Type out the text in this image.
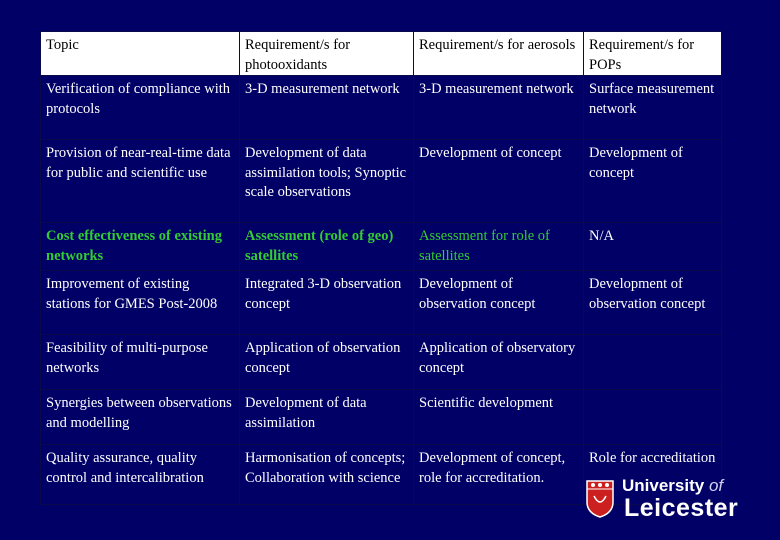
Topic	Requirement/s for photooxidants	Requirement/s for aerosols	Requirement/s for POPs
Verification of compliance with protocols	3-D measurement network	3-D measurement network	Surface measurement network
Provision of near-real-time data for public and scientific use	Development of data assimilation tools; Synoptic scale observations	Development of concept	Development of concept
Cost effectiveness of existing networks	Assessment (role of geo) satellites	Assessment for role of satellites	N/A
Improvement of existing stations for GMES Post-2008	Integrated 3-D observation concept	Development of observation concept	Development of observation concept
Feasibility of multi-purpose networks	Application of observation concept	Application of observatory concept	
Synergies between observations and modelling	Development of data assimilation	Scientific development	
Quality assurance, quality control and intercalibration	Harmonisation of concepts; Collaboration with science	Development of concept, role for accreditation.	Role for accreditation
University of
Leicester
